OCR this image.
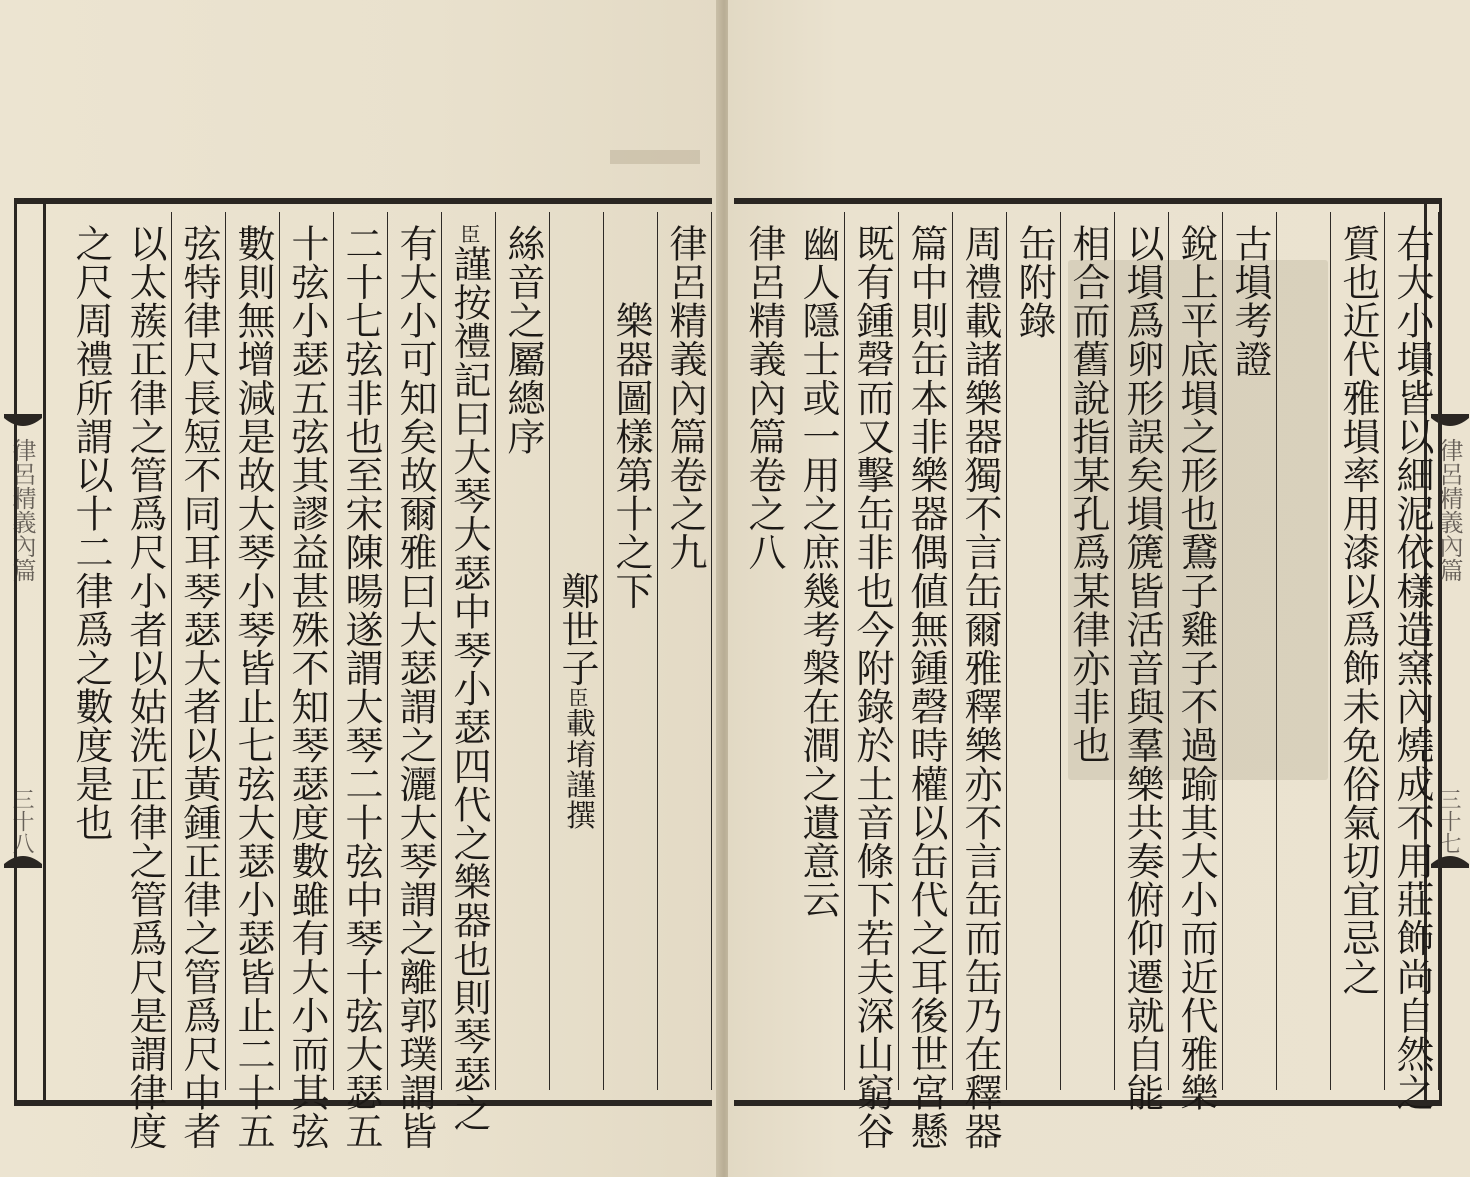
律呂精義內篇
三十八
律呂精義內篇卷之九
　　樂器圖樣第十之下
　　　　　　　　　鄭世子臣載堉謹撰
絲音之屬總序
臣謹按禮記曰大琴大瑟中琴小瑟四代之樂器也則琴瑟之
有大小可知矣故爾雅曰大瑟謂之灑大琴謂之離郭璞謂皆
二十七弦非也至宋陳暘遂謂大琴二十弦中琴十弦大瑟五
十弦小瑟五弦其謬益甚殊不知琴瑟度數雖有大小而其弦
數則無增減是故大琴小琴皆止七弦大瑟小瑟皆止二十五
弦特律尺長短不同耳琴瑟大者以黃鍾正律之管爲尺中者
以太蔟正律之管爲尺小者以姑洗正律之管爲尺是謂律度
之尺周禮所謂以十二律爲之數度是也	律呂精義內篇
三十七
右大小塤皆以細泥依樣造窯內燒成不用莊飾尚自然之
質也近代雅塤率用漆以爲飾未免俗氣切宜忌之

古塤考證
銳上平底塤之形也鵞子雞子不過踰其大小而近代雅樂
以塤爲卵形誤矣塤篪皆活音與羣樂共奏俯仰遷就自能
相合而舊說指某孔爲某律亦非也
缶附錄
周禮載諸樂器獨不言缶爾雅釋樂亦不言缶而缶乃在釋器
篇中則缶本非樂器偶値無鍾磬時權以缶代之耳後世宮懸
既有鍾磬而又擊缶非也今附錄於土音條下若夫深山窮谷
幽人隱士或一用之庶幾考槃在澗之遺意云
律呂精義內篇卷之八
